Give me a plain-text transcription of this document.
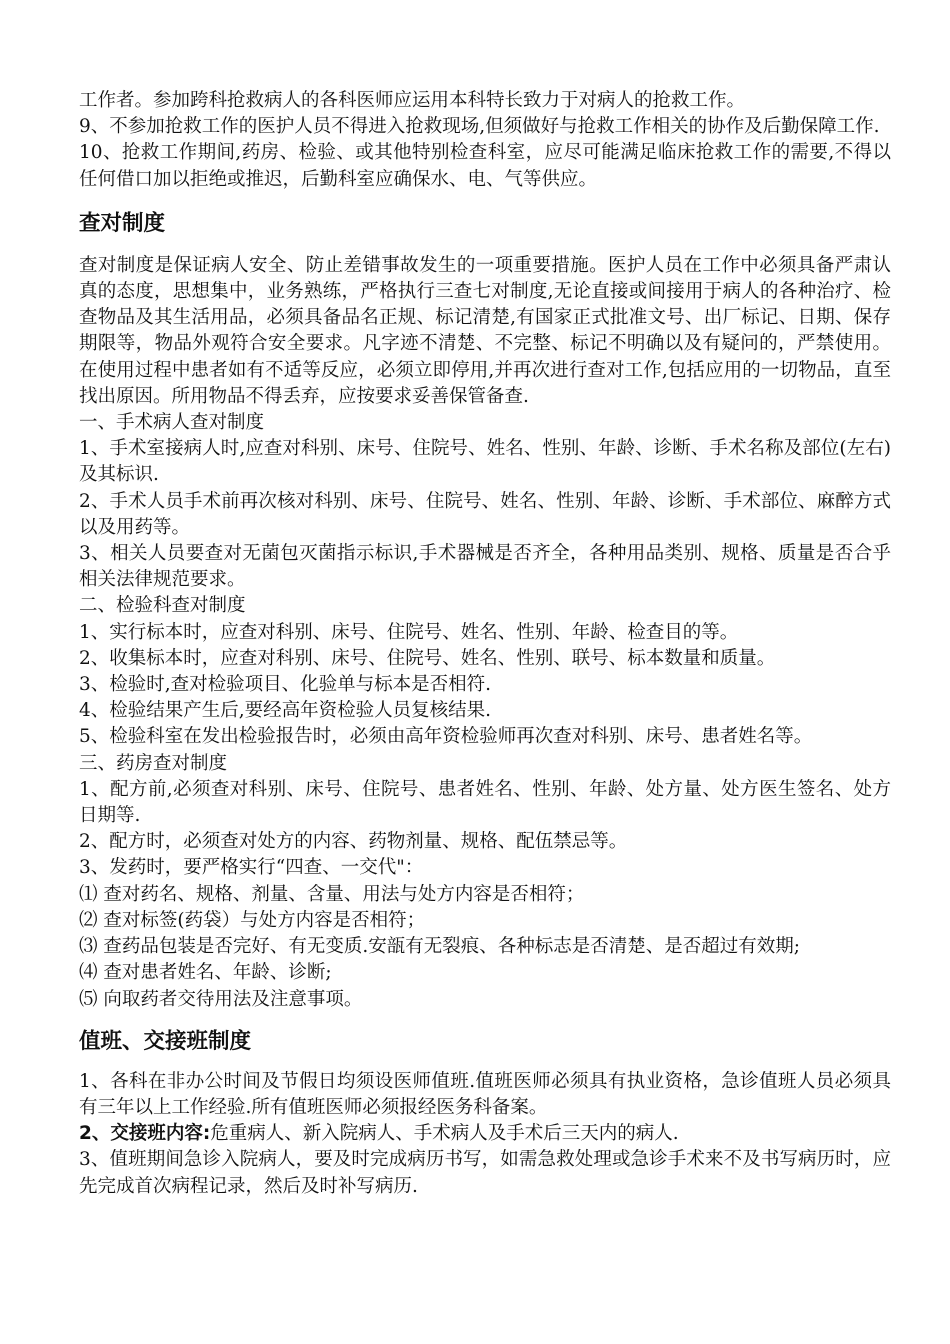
工作者。参加跨科抢救病人的各科医师应运用本科特长致力于对病人的抢救工作。

9、不参加抢救工作的医护人员不得进入抢救现场,但须做好与抢救工作相关的协作及后勤保障工作.

10、抢救工作期间,药房、检验、或其他特别检查科室，应尽可能满足临床抢救工作的需要,不得以任何借口加以拒绝或推迟，后勤科室应确保水、电、气等供应。

查对制度

查对制度是保证病人安全、防止差错事故发生的一项重要措施。医护人员在工作中必须具备严肃认真的态度，思想集中，业务熟练，严格执行三查七对制度,无论直接或间接用于病人的各种治疗、检查物品及其生活用品，必须具备品名正规、标记清楚,有国家正式批准文号、出厂标记、日期、保存期限等，物品外观符合安全要求。凡字迹不清楚、不完整、标记不明确以及有疑问的，严禁使用。在使用过程中患者如有不适等反应，必须立即停用,并再次进行查对工作,包括应用的一切物品，直至找出原因。所用物品不得丢弃，应按要求妥善保管备查.

一、手术病人查对制度

1、手术室接病人时,应查对科别、床号、住院号、姓名、性别、年龄、诊断、手术名称及部位(左右)及其标识.

2、手术人员手术前再次核对科别、床号、住院号、姓名、性别、年龄、诊断、手术部位、麻醉方式以及用药等。

3、相关人员要查对无菌包灭菌指示标识,手术器械是否齐全，各种用品类别、规格、质量是否合乎相关法律规范要求。

二、检验科查对制度

1、实行标本时，应查对科别、床号、住院号、姓名、性别、年龄、检查目的等。

2、收集标本时，应查对科别、床号、住院号、姓名、性别、联号、标本数量和质量。

3、检验时,查对检验项目、化验单与标本是否相符.

4、检验结果产生后,要经高年资检验人员复核结果.

5、检验科室在发出检验报告时，必须由高年资检验师再次查对科别、床号、患者姓名等。

三、药房查对制度

1、配方前,必须查对科别、床号、住院号、患者姓名、性别、年龄、处方量、处方医生签名、处方日期等.

2、配方时，必须查对处方的内容、药物剂量、规格、配伍禁忌等。

3、发药时，要严格实行“四查、一交代"：

⑴ 查对药名、规格、剂量、含量、用法与处方内容是否相符；

⑵ 查对标签(药袋）与处方内容是否相符；

⑶ 查药品包装是否完好、有无变质.安瓿有无裂痕、各种标志是否清楚、是否超过有效期;

⑷ 查对患者姓名、年龄、诊断;

⑸ 向取药者交待用法及注意事项。

值班、交接班制度

1、各科在非办公时间及节假日均须设医师值班.值班医师必须具有执业资格，急诊值班人员必须具有三年以上工作经验.所有值班医师必须报经医务科备案。

2、交接班内容:危重病人、新入院病人、手术病人及手术后三天内的病人.

3、值班期间急诊入院病人，要及时完成病历书写，如需急救处理或急诊手术来不及书写病历时，应先完成首次病程记录，然后及时补写病历.
